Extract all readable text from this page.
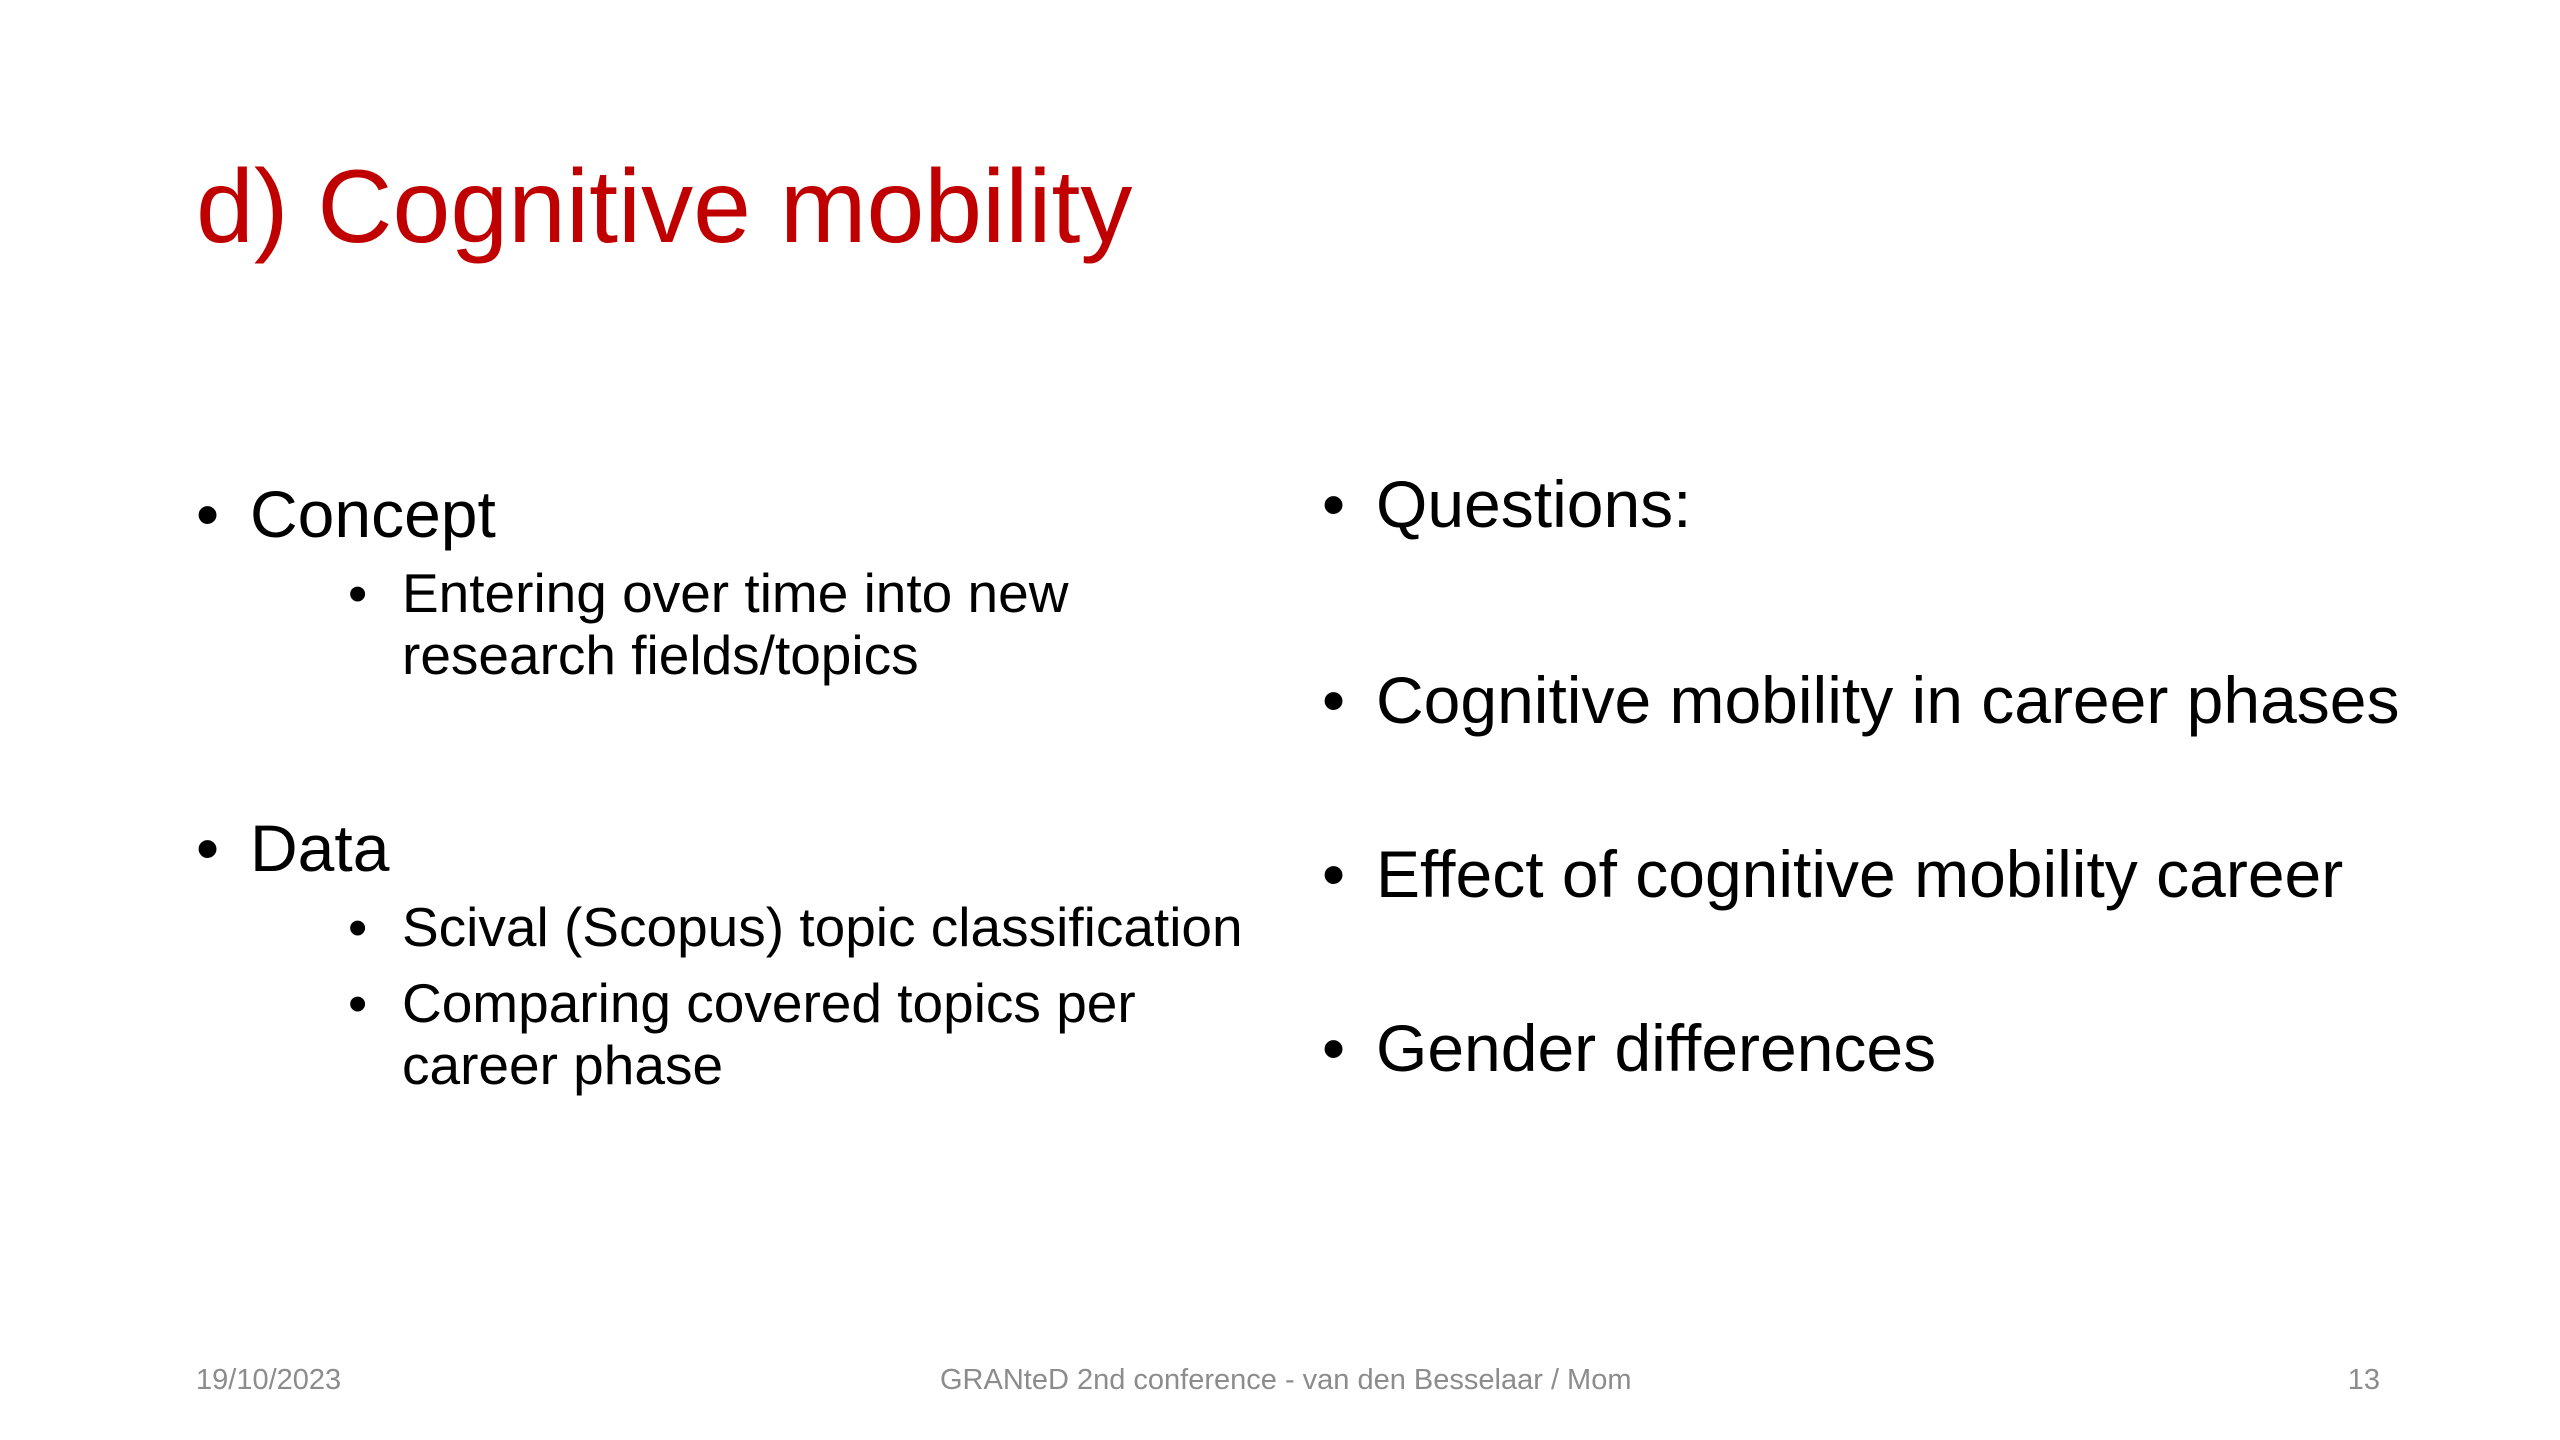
d) Cognitive mobility
• Concept
• Entering over time into new research fields/topics
• Data
• Scival (Scopus) topic classification
• Comparing covered topics per career phase
• Questions:
• Cognitive mobility in career phases
• Effect of cognitive mobility career
• Gender differences
19/10/2023	GRANteD 2nd conference - van den Besselaar / Mom	13
